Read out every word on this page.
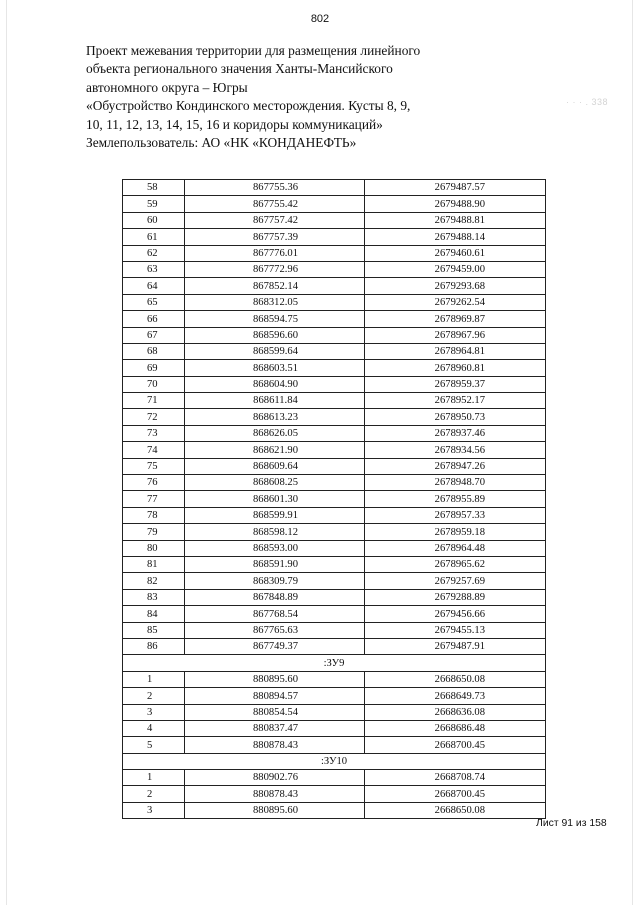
802
Проект межевания территории для размещения линейного
объекта регионального значения Ханты-Мансийского
автономного округа – Югры
«Обустройство Кондинского месторождения. Кусты 8, 9,
10, 11, 12, 13, 14, 15, 16 и коридоры коммуникаций»
Землепользователь: АО «НК «КОНДАНЕФТЬ»
· · · . 338
58	867755.36	2679487.57
59	867755.42	2679488.90
60	867757.42	2679488.81
61	867757.39	2679488.14
62	867776.01	2679460.61
63	867772.96	2679459.00
64	867852.14	2679293.68
65	868312.05	2679262.54
66	868594.75	2678969.87
67	868596.60	2678967.96
68	868599.64	2678964.81
69	868603.51	2678960.81
70	868604.90	2678959.37
71	868611.84	2678952.17
72	868613.23	2678950.73
73	868626.05	2678937.46
74	868621.90	2678934.56
75	868609.64	2678947.26
76	868608.25	2678948.70
77	868601.30	2678955.89
78	868599.91	2678957.33
79	868598.12	2678959.18
80	868593.00	2678964.48
81	868591.90	2678965.62
82	868309.79	2679257.69
83	867848.89	2679288.89
84	867768.54	2679456.66
85	867765.63	2679455.13
86	867749.37	2679487.91
:ЗУ9		
1	880895.60	2668650.08
2	880894.57	2668649.73
3	880854.54	2668636.08
4	880837.47	2668686.48
5	880878.43	2668700.45
:ЗУ10		
1	880902.76	2668708.74
2	880878.43	2668700.45
3	880895.60	2668650.08
Лист 91 из 158
